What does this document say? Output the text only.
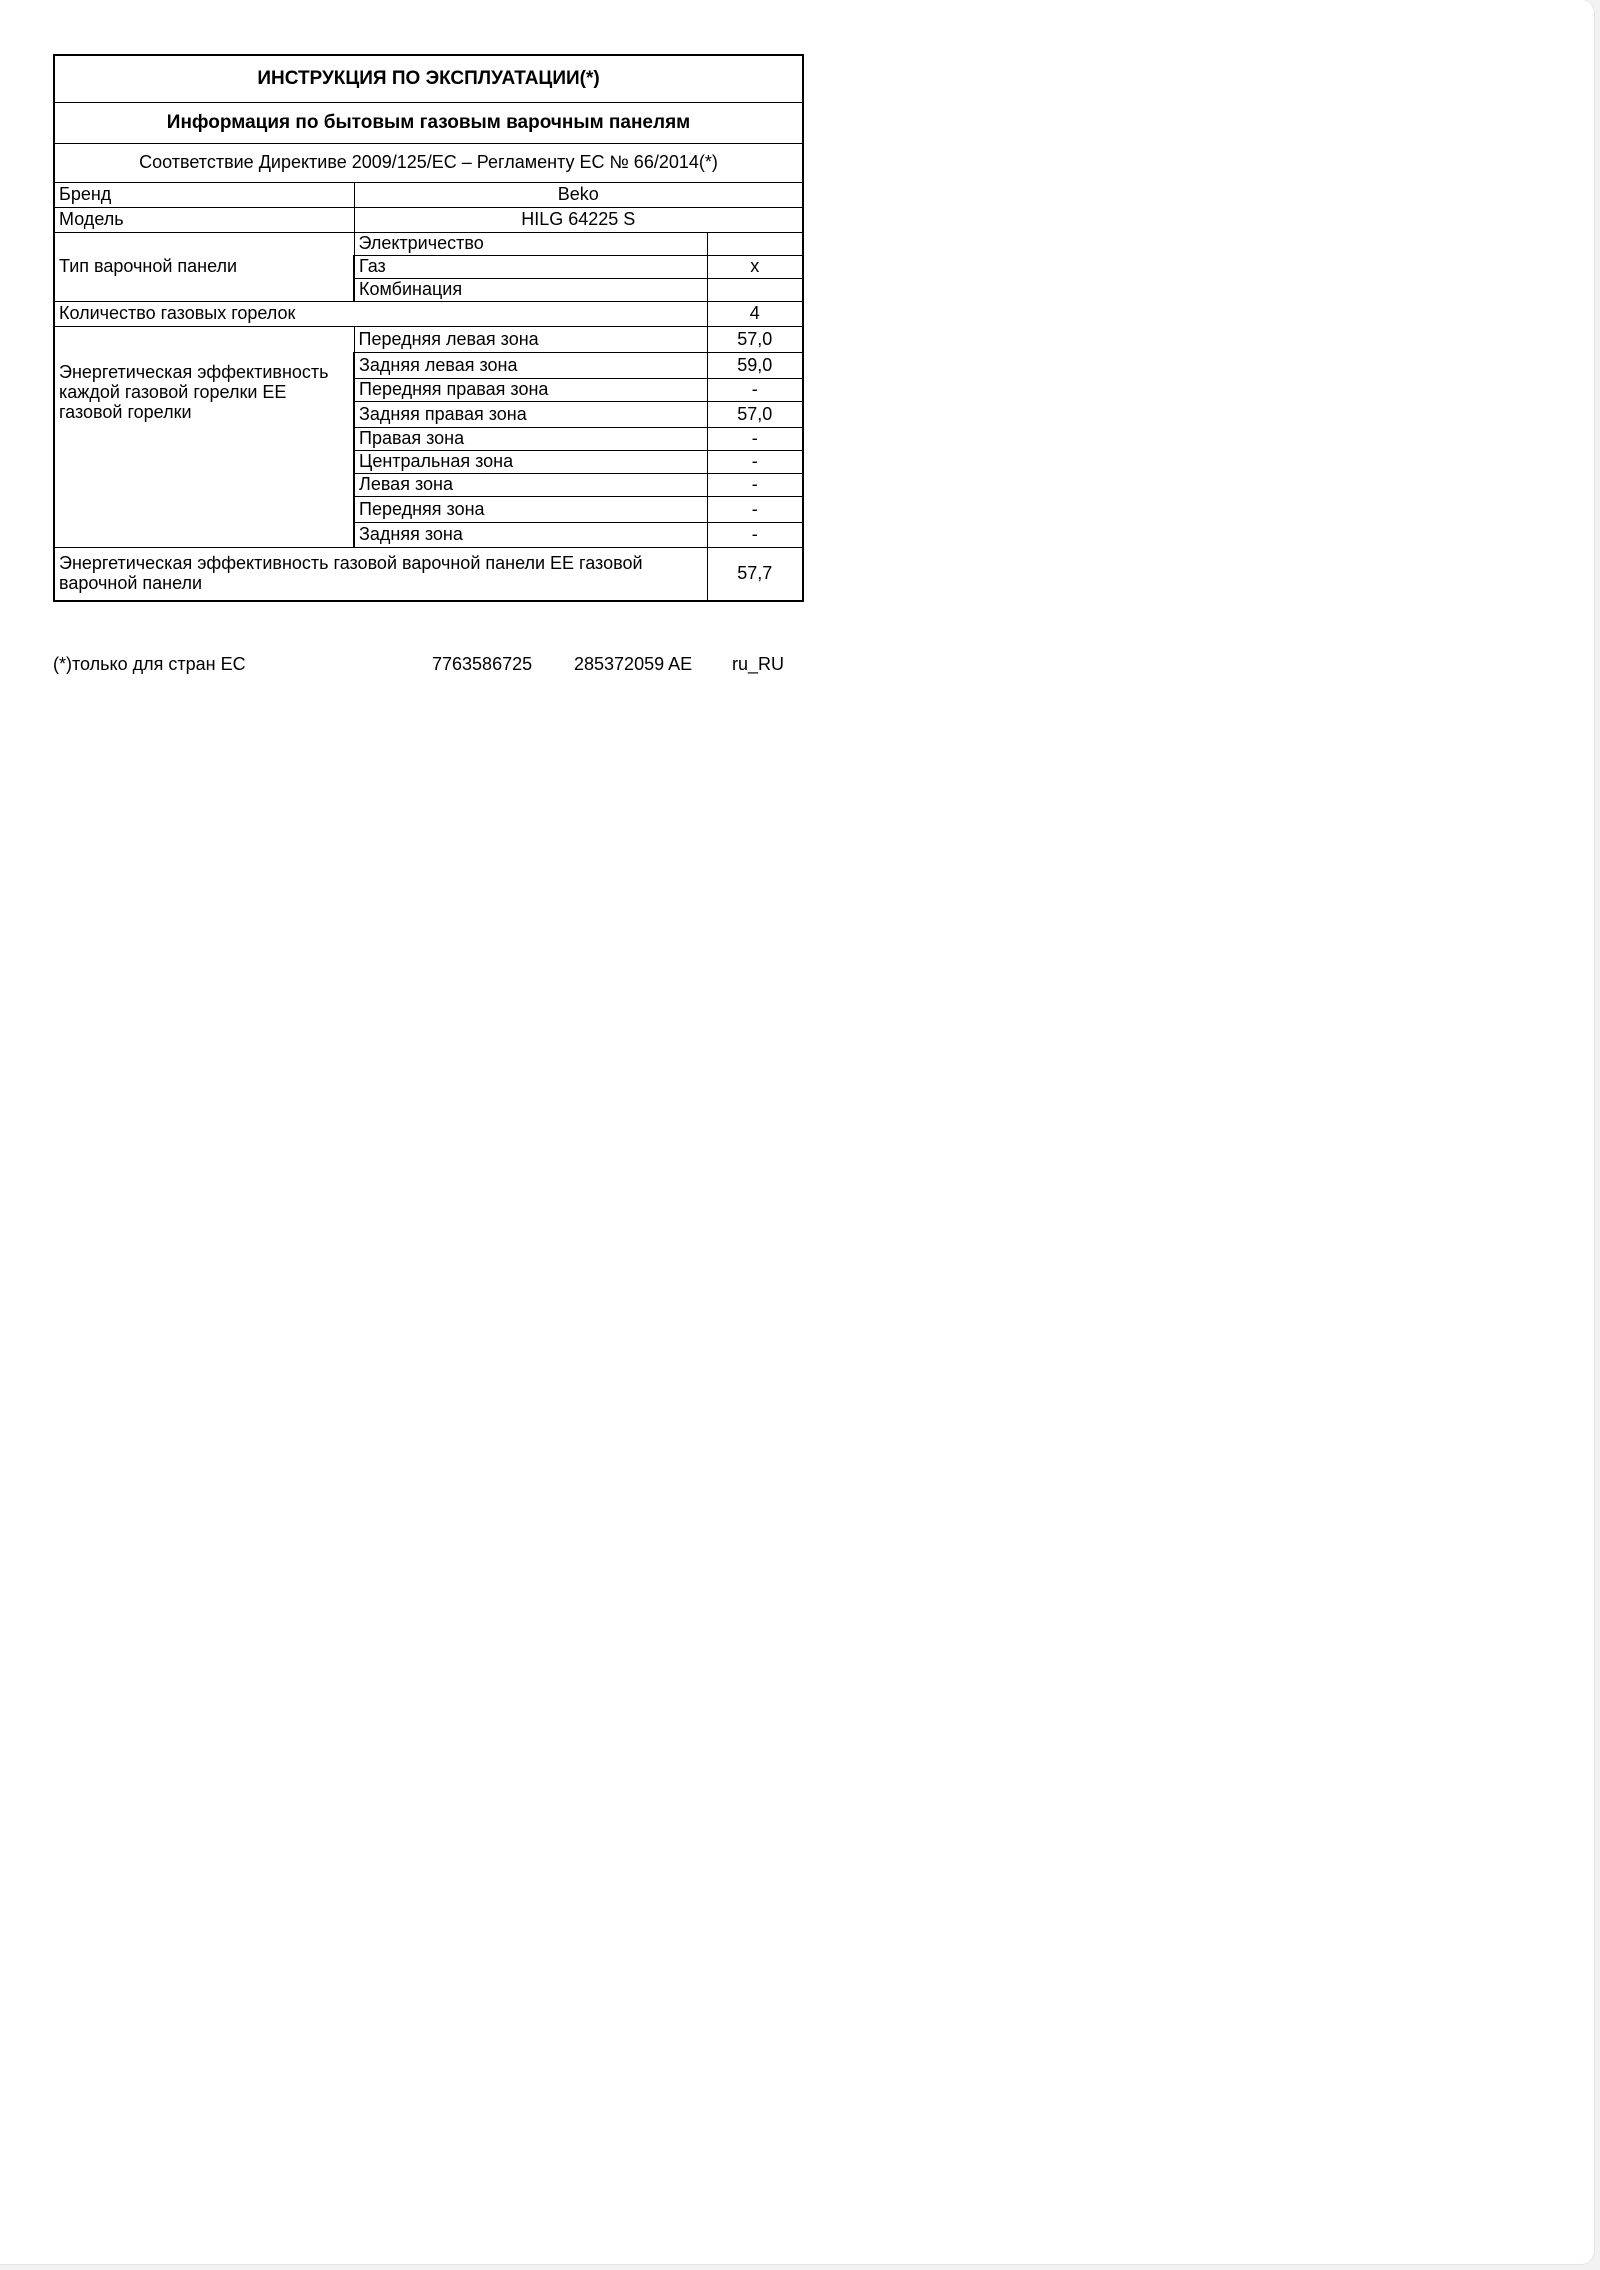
ИНСТРУКЦИЯ ПО ЭКСПЛУАТАЦИИ(*)		
Информация по бытовым газовым варочным панелям		
Соответствие Директиве 2009/125/EC – Регламенту ЕС № 66/2014(*)		
Бренд	Beko	
Модель	HILG 64225 S	
Тип варочной панели	Электричество	
	Газ	x
	Комбинация	
Количество газовых горелок		4
Энергетическая эффективность каждой газовой горелки EE газовой горелки	Передняя левая зона	57,0
	Задняя левая зона	59,0
	Передняя правая зона	-
	Задняя правая зона	57,0
	Правая зона	-
	Центральная зона	-
	Левая зона	-
	Передняя зона	-
	Задняя зона	-
Энергетическая эффективность газовой варочной панели EE газовой варочной панели		57,7
(*)только для стран ЕС	7763586725 285372059 AE ru_RU
